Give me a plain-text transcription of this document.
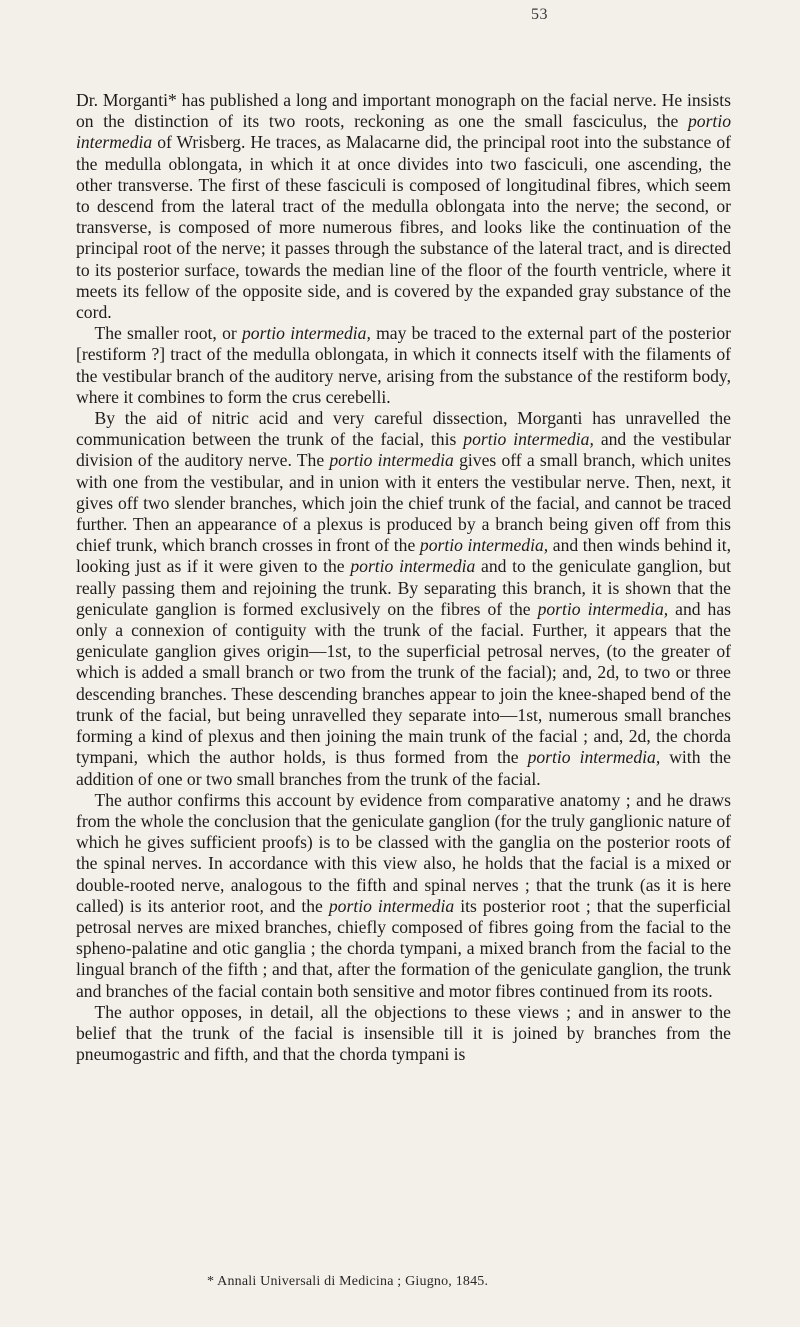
53

Dr. Morganti* has published a long and important monograph on the facial nerve. He insists on the distinction of its two roots, reckoning as one the small fasciculus, the portio intermedia of Wrisberg. He traces, as Malacarne did, the principal root into the substance of the medulla oblongata, in which it at once divides into two fasciculi, one ascending, the other transverse. The first of these fasciculi is composed of longitudinal fibres, which seem to descend from the lateral tract of the medulla oblongata into the nerve; the second, or transverse, is composed of more numerous fibres, and looks like the continuation of the principal root of the nerve; it passes through the substance of the lateral tract, and is directed to its posterior surface, towards the median line of the floor of the fourth ventricle, where it meets its fellow of the opposite side, and is covered by the expanded gray substance of the cord.

The smaller root, or portio intermedia, may be traced to the external part of the posterior [restiform ?] tract of the medulla oblongata, in which it connects itself with the filaments of the vestibular branch of the auditory nerve, arising from the substance of the restiform body, where it combines to form the crus cerebelli.

By the aid of nitric acid and very careful dissection, Morganti has unravelled the communication between the trunk of the facial, this portio intermedia, and the vestibular division of the auditory nerve. The portio intermedia gives off a small branch, which unites with one from the vestibular, and in union with it enters the vestibular nerve. Then, next, it gives off two slender branches, which join the chief trunk of the facial, and cannot be traced further. Then an appearance of a plexus is produced by a branch being given off from this chief trunk, which branch crosses in front of the portio intermedia, and then winds behind it, looking just as if it were given to the portio intermedia and to the geniculate ganglion, but really passing them and rejoining the trunk. By separating this branch, it is shown that the geniculate ganglion is formed exclusively on the fibres of the portio intermedia, and has only a connexion of contiguity with the trunk of the facial. Further, it appears that the geniculate ganglion gives origin—1st, to the superficial petrosal nerves, (to the greater of which is added a small branch or two from the trunk of the facial); and, 2d, to two or three descending branches. These descending branches appear to join the knee-shaped bend of the trunk of the facial, but being unravelled they separate into—1st, numerous small branches forming a kind of plexus and then joining the main trunk of the facial ; and, 2d, the chorda tympani, which the author holds, is thus formed from the portio intermedia, with the addition of one or two small branches from the trunk of the facial.

The author confirms this account by evidence from comparative anatomy ; and he draws from the whole the conclusion that the geniculate ganglion (for the truly ganglionic nature of which he gives sufficient proofs) is to be classed with the ganglia on the posterior roots of the spinal nerves. In accordance with this view also, he holds that the facial is a mixed or double-rooted nerve, analogous to the fifth and spinal nerves ; that the trunk (as it is here called) is its anterior root, and the portio intermedia its posterior root ; that the superficial petrosal nerves are mixed branches, chiefly composed of fibres going from the facial to the spheno-palatine and otic ganglia ; the chorda tympani, a mixed branch from the facial to the lingual branch of the fifth ; and that, after the formation of the geniculate ganglion, the trunk and branches of the facial contain both sensitive and motor fibres continued from its roots.

The author opposes, in detail, all the objections to these views ; and in answer to the belief that the trunk of the facial is insensible till it is joined by branches from the pneumogastric and fifth, and that the chorda tympani is

* Annali Universali di Medicina ; Giugno, 1845.
